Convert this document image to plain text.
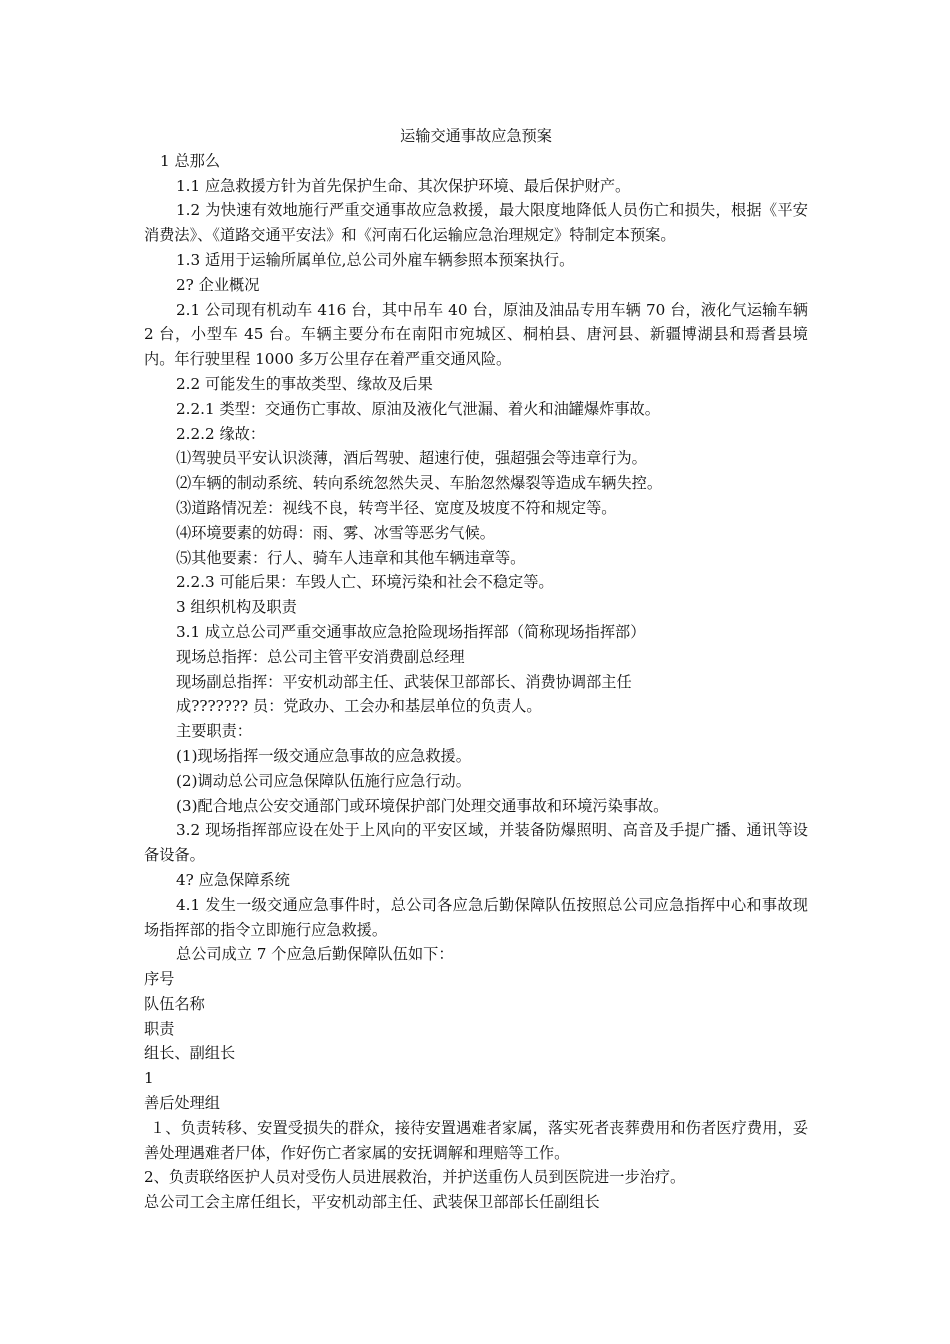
运输交通事故应急预案

1 总那么

1.1 应急救援方针为首先保护生命、其次保护环境、最后保护财产。

1.2 为快速有效地施行严重交通事故应急救援，最大限度地降低人员伤亡和损失，根据《平安消费法》、《道路交通平安法》和《河南石化运输应急治理规定》特制定本预案。

1.3 适用于运输所属单位,总公司外雇车辆参照本预案执行。

2? 企业概况

2.1 公司现有机动车 416 台，其中吊车 40 台，原油及油品专用车辆 70 台，液化气运输车辆 2 台，小型车 45 台。车辆主要分布在南阳市宛城区、桐柏县、唐河县、新疆博湖县和焉耆县境内。年行驶里程 1000 多万公里存在着严重交通风险。

2.2 可能发生的事故类型、缘故及后果

2.2.1 类型：交通伤亡事故、原油及液化气泄漏、着火和油罐爆炸事故。

2.2.2 缘故：

⑴驾驶员平安认识淡薄，酒后驾驶、超速行使，强超强会等违章行为。

⑵车辆的制动系统、转向系统忽然失灵、车胎忽然爆裂等造成车辆失控。

⑶道路情况差：视线不良，转弯半径、宽度及坡度不符和规定等。

⑷环境要素的妨碍：雨、雾、冰雪等恶劣气候。

⑸其他要素：行人、骑车人违章和其他车辆违章等。

2.2.3 可能后果：车毁人亡、环境污染和社会不稳定等。

3 组织机构及职责

3.1 成立总公司严重交通事故应急抢险现场指挥部（简称现场指挥部）

现场总指挥：总公司主管平安消费副总经理

现场副总指挥：平安机动部主任、武装保卫部部长、消费协调部主任

成??????? 员：党政办、工会办和基层单位的负责人。

主要职责：

(1)现场指挥一级交通应急事故的应急救援。

(2)调动总公司应急保障队伍施行应急行动。

(3)配合地点公安交通部门或环境保护部门处理交通事故和环境污染事故。

3.2 现场指挥部应设在处于上风向的平安区域，并装备防爆照明、高音及手提广播、通讯等设备设备。

4? 应急保障系统

4.1 发生一级交通应急事件时，总公司各应急后勤保障队伍按照总公司应急指挥中心和事故现场指挥部的指令立即施行应急救援。

总公司成立 7 个应急后勤保障队伍如下：

序号

队伍名称

职责

组长、副组长

1

善后处理组

１、负责转移、安置受损失的群众，接待安置遇难者家属，落实死者丧葬费用和伤者医疗费用，妥善处理遇难者尸体，作好伤亡者家属的安抚调解和理赔等工作。

2、负责联络医护人员对受伤人员进展救治，并护送重伤人员到医院进一步治疗。

总公司工会主席任组长，平安机动部主任、武装保卫部部长任副组长
